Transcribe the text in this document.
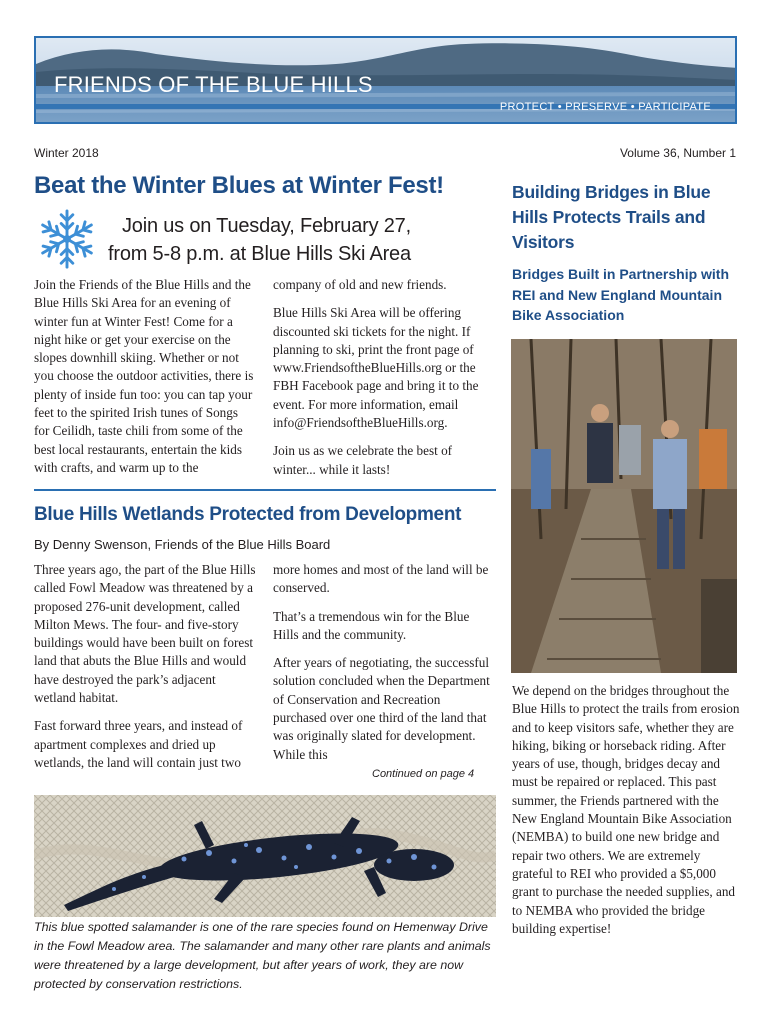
FRIENDS OF THE BLUE HILLS
PROTECT • PRESERVE • PARTICIPATE
Winter 2018	Volume 36, Number 1
Beat the Winter Blues at Winter Fest!
Join us on Tuesday, February 27,
from 5-8 p.m. at Blue Hills Ski Area

Join the Friends of the Blue Hills and the Blue Hills Ski Area for an evening of winter fun at Winter Fest! Come for a night hike or get your exercise on the slopes downhill skiing. Whether or not you choose the outdoor activities, there is plenty of inside fun too: you can tap your feet to the spirited Irish tunes of Songs for Ceilidh, taste chili from some of the best local restaurants, entertain the kids with crafts, and warm up to the

company of old and new friends.

Blue Hills Ski Area will be offering discounted ski tickets for the night. If planning to ski, print the front page of www.FriendsoftheBlueHills.org or the FBH Facebook page and bring it to the event. For more information, email info@FriendsoftheBlueHills.org.

Join us as we celebrate the best of winter... while it lasts!

Blue Hills Wetlands Protected from Development
By Denny Swenson, Friends of the Blue Hills Board

Three years ago, the part of the Blue Hills called Fowl Meadow was threatened by a proposed 276-unit development, called Milton Mews. The four- and five-story buildings would have been built on forest land that abuts the Blue Hills and would have destroyed the park’s adjacent wetland habitat.

Fast forward three years, and instead of apartment complexes and dried up wetlands, the land will contain just two

more homes and most of the land will be conserved.

That’s a tremendous win for the Blue Hills and the community.

After years of negotiating, the successful solution concluded when the Department of Conservation and Recreation purchased over one third of the land that was originally slated for development. While this

Continued on page 4
This blue spotted salamander is one of the rare species found on Hemenway Drive in the Fowl Meadow area. The salamander and many other rare plants and animals were threatened by a large development, but after years of work, they are now protected by conservation restrictions.
Building Bridges in Blue Hills Protects Trails and Visitors
Bridges Built in Partnership with REI and New England Mountain Bike Association
We depend on the bridges throughout the Blue Hills to protect the trails from erosion and to keep visitors safe, whether they are hiking, biking or horseback riding. After years of use, though, bridges decay and must be repaired or replaced. This past summer, the Friends partnered with the New England Mountain Bike Association (NEMBA) to build one new bridge and repair two others. We are extremely grateful to REI who provided a $5,000 grant to purchase the needed supplies, and to NEMBA who provided the bridge building expertise!
